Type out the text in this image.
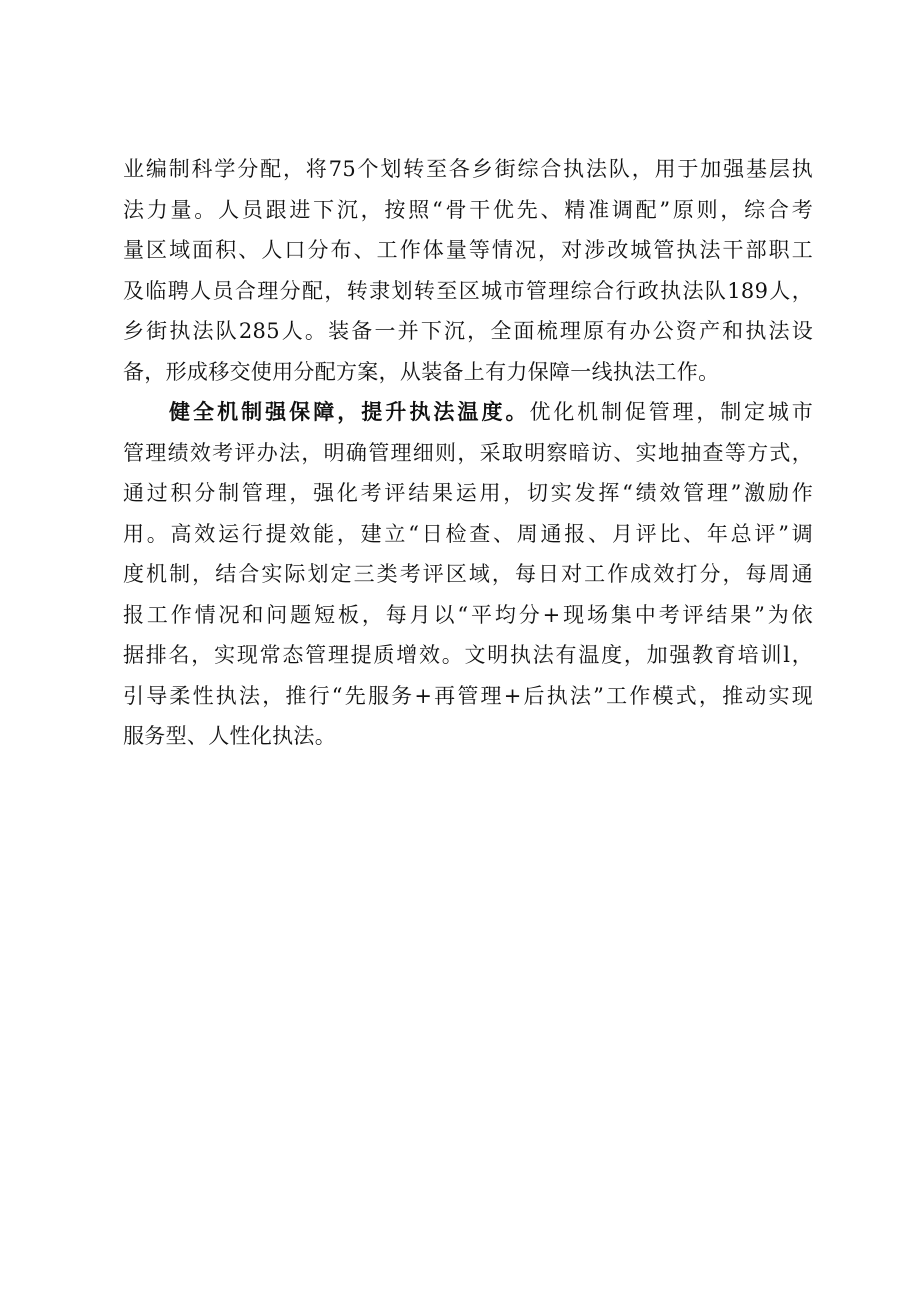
业编制科学分配，将75个划转至各乡街综合执法队，用于加强基层执
法力量。人员跟进下沉，按照“骨干优先、精准调配”原则，综合考
量区域面积、人口分布、工作体量等情况，对涉改城管执法干部职工
及临聘人员合理分配，转隶划转至区城市管理综合行政执法队189人，
乡街执法队285人。装备一并下沉，全面梳理原有办公资产和执法设
备，形成移交使用分配方案，从装备上有力保障一线执法工作。
健全机制强保障，提升执法温度。优化机制促管理，制定城市
管理绩效考评办法，明确管理细则，采取明察暗访、实地抽查等方式，
通过积分制管理，强化考评结果运用，切实发挥“绩效管理”激励作
用。高效运行提效能，建立“日检查、周通报、月评比、年总评”调
度机制，结合实际划定三类考评区域，每日对工作成效打分，每周通
报工作情况和问题短板，每月以“平均分+现场集中考评结果”为依
据排名，实现常态管理提质增效。文明执法有温度，加强教育培训l，
引导柔性执法，推行“先服务+再管理+后执法”工作模式，推动实现
服务型、人性化执法。
